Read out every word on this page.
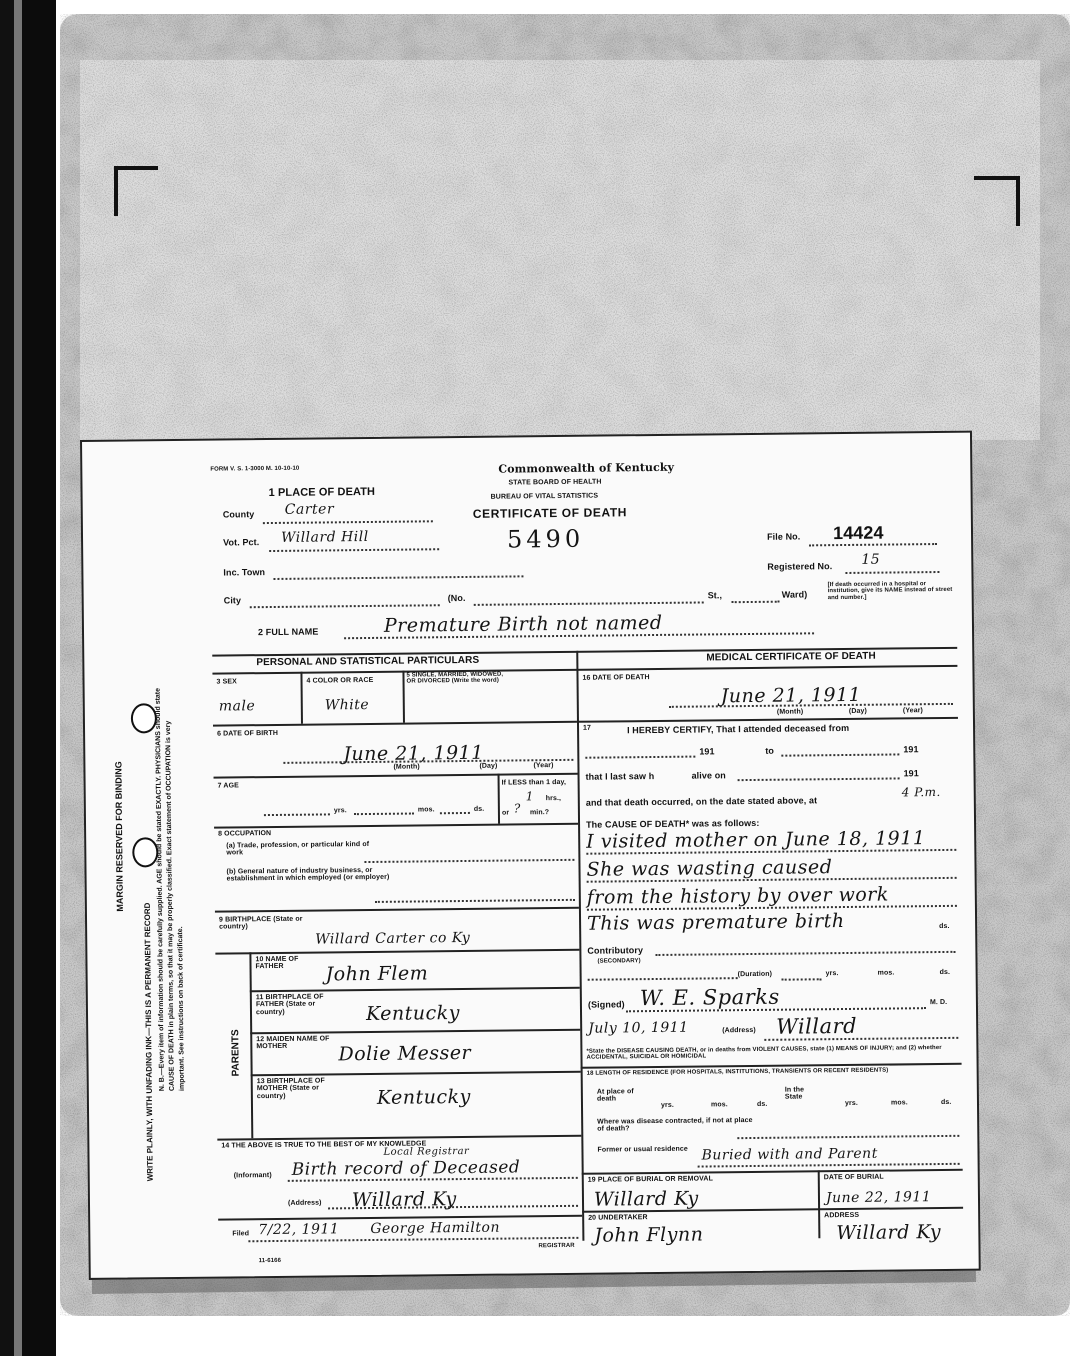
MARGIN RESERVED FOR BINDING
WRITE PLAINLY, WITH UNFADING INK—THIS IS A PERMANENT RECORD N. B.—Every item of information should be carefully supplied. AGE should be stated EXACTLY. PHYSICIANS should state CAUSE OF DEATH in plain terms, so that it may be properly classified. Exact statement of OCCUPATION is very important. See instructions on back of certificate.
FORM V. S. 1-3000 M. 10-10-10	Commonwealth of Kentucky
STATE BOARD OF HEALTH
BUREAU OF VITAL STATISTICS
CERTIFICATE OF DEATH
1 PLACE OF DEATH
County Carter
Vot. Pct. Willard Hill	5490	File No. 14424
Inc. Town
Registered No. 15
City	(No.	St.,	Ward)
[If death occurred in a hospital or institution, give its NAME instead of street and number.]
2 FULL NAME	Premature Birth not named
PERSONAL AND STATISTICAL PARTICULARS	MEDICAL CERTIFICATE OF DEATH
3 SEX
male
4 COLOR OR RACE
White
5 SINGLE, MARRIED, WIDOWED, OR DIVORCED (Write the word)
6 DATE OF BIRTH
June 21, 1911
(Month)	(Day)	(Year)
7 AGE
yrs.	mos.	ds.
If LESS than 1 day,
1 hrs.,
or ? min.?
8 OCCUPATION
(a) Trade, profession, or particular kind of work
(b) General nature of industry business, or establishment in which employed (or employer)
9 BIRTHPLACE (State or country)
Willard Carter co Ky
PARENTS
10 NAME OF FATHER	John Flem
11 BIRTHPLACE OF FATHER (State or country)	Kentucky
12 MAIDEN NAME OF MOTHER	Dolie Messer
13 BIRTHPLACE OF MOTHER (State or country)	Kentucky
14 THE ABOVE IS TRUE TO THE BEST OF MY KNOWLEDGE
Local Registrar
(Informant) Birth record of Deceased
(Address) Willard Ky
Filed 7/22, 1911 George Hamilton
REGISTRAR
11-6166
16 DATE OF DEATH
June 21, 1911
(Month)	(Day)	(Year)
17	I HEREBY CERTIFY, That I attended deceased from
191	to	191
that I last saw h	alive on	191
and that death occurred, on the date stated above, at
4 P.m.
The CAUSE OF DEATH* was as follows:
I visited mother on June 18, 1911
She was wasting caused
from the history by over work
This was premature birth	ds.
Contributory
(SECONDARY)
(Duration)	yrs.	mos.	ds.
(Signed) W. E. Sparks	M. D.
July 10, 1911	(Address) Willard
*State the DISEASE CAUSING DEATH, or in deaths from VIOLENT CAUSES, state (1) MEANS OF INJURY; and (2) whether ACCIDENTAL, SUICIDAL OR HOMICIDAL
18 LENGTH OF RESIDENCE (FOR HOSPITALS, INSTITUTIONS, TRANSIENTS OR RECENT RESIDENTS)
At place of death
yrs.	mos.	ds.
In the State
yrs.	mos.	ds.
Where was disease contracted, if not at place of death?
Former or usual residence Buried with and Parent
19 PLACE OF BURIAL OR REMOVAL
Willard Ky
DATE OF BURIAL
June 22, 1911
20 UNDERTAKER	ADDRESS
John Flynn	Willard Ky
